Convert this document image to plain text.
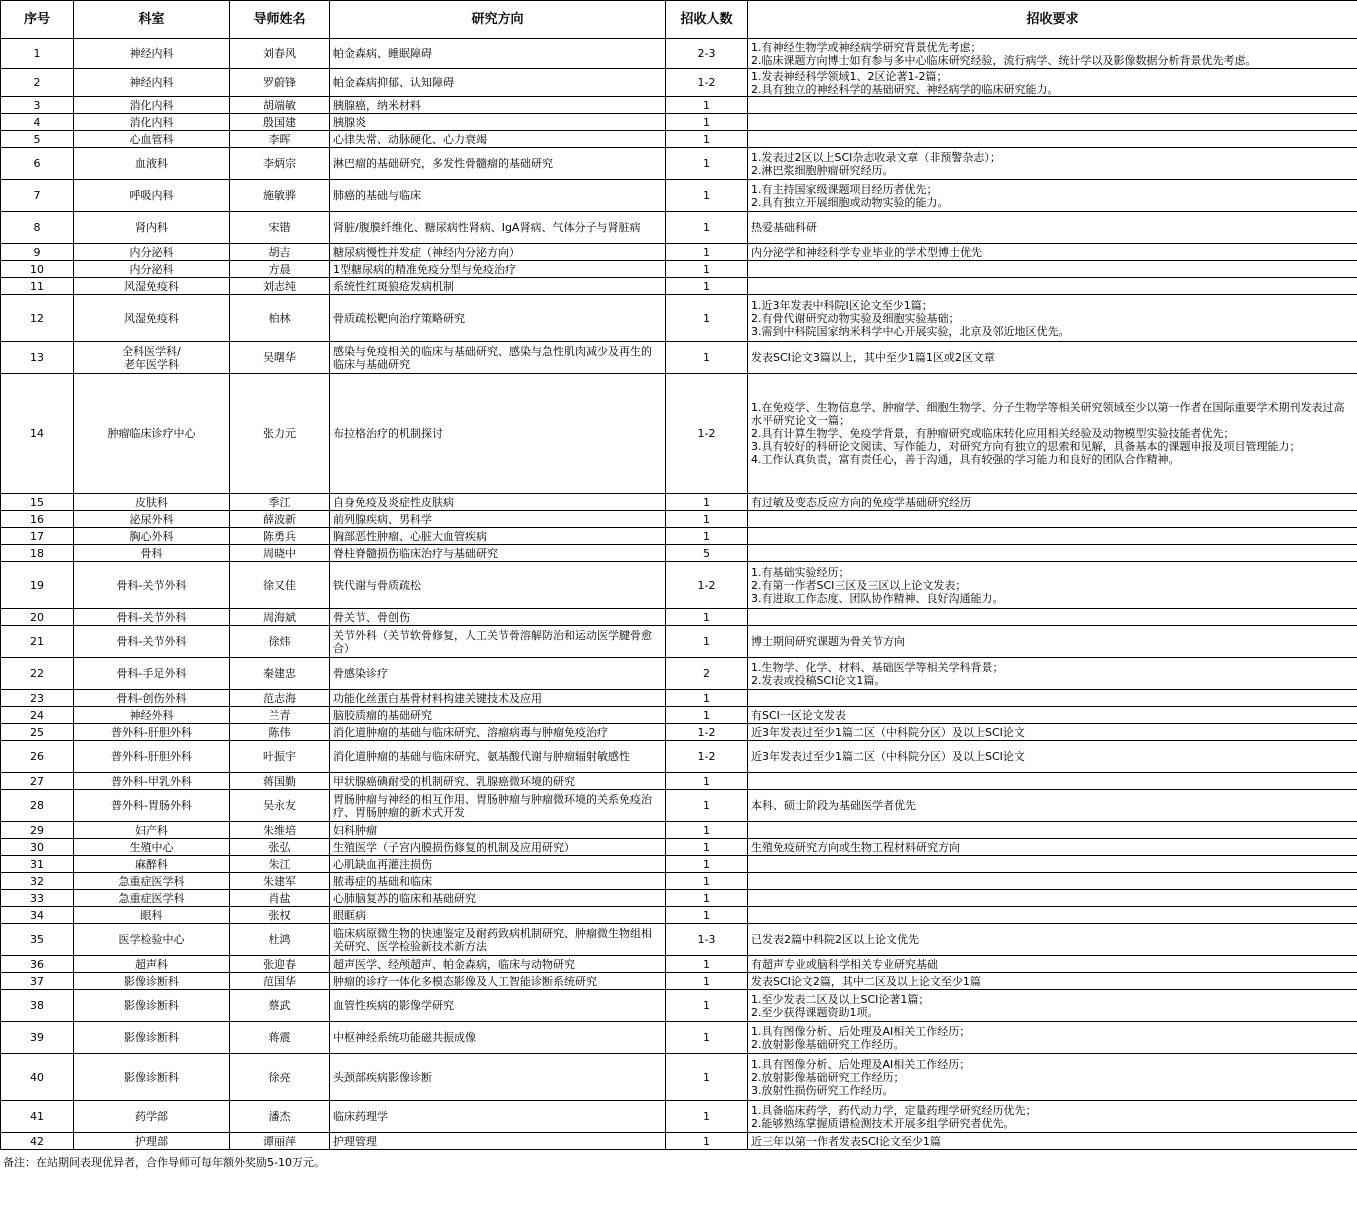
序号	科室	导师姓名	研究方向	招收人数	招收要求
1	神经内科	刘春风	帕金森病、睡眠障碍	2-3	1.有神经生物学或神经病学研究背景优先考虑；
2.临床课题方向博士如有参与多中心临床研究经验，流行病学、统计学以及影像数据分析背景优先考虑。
2	神经内科	罗蔚锋	帕金森病抑郁、认知障碍	1-2	1.发表神经科学领域1、2区论著1-2篇；
2.具有独立的神经科学的基础研究、神经病学的临床研究能力。
3	消化内科	胡端敏	胰腺癌，纳米材料	1	
4	消化内科	殷国建	胰腺炎	1	
5	心血管科	李晖	心律失常、动脉硬化、心力衰竭	1	
6	血液科	李炳宗	淋巴瘤的基础研究，多发性骨髓瘤的基础研究	1	1.发表过2区以上SCI杂志收录文章（非预警杂志）；
2.淋巴浆细胞肿瘤研究经历。
7	呼吸内科	施敏骅	肺癌的基础与临床	1	1.有主持国家级课题项目经历者优先；
2.具有独立开展细胞或动物实验的能力。
8	肾内科	宋锴	肾脏/腹膜纤维化、糖尿病性肾病、IgA肾病、气体分子与肾脏病	1	热爱基础科研
9	内分泌科	胡吉	糖尿病慢性并发症（神经内分泌方向）	1	内分泌学和神经科学专业毕业的学术型博士优先
10	内分泌科	方晨	1型糖尿病的精准免疫分型与免疫治疗	1	
11	风湿免疫科	刘志纯	系统性红斑狼疮发病机制	1	
12	风湿免疫科	柏林	骨质疏松靶向治疗策略研究	1	1.近3年发表中科院I区论文至少1篇；
2.有骨代谢研究动物实验及细胞实验基础；
3.需到中科院国家纳米科学中心开展实验，北京及邻近地区优先。
13	全科医学科/
老年医学科	吴曙华	感染与免疫相关的临床与基础研究、感染与急性肌肉减少及再生的临床与基础研究	1	发表SCI论文3篇以上，其中至少1篇1区或2区文章
14	肿瘤临床诊疗中心	张力元	布拉格治疗的机制探讨	1-2	1.在免疫学、生物信息学、肿瘤学、细胞生物学、分子生物学等相关研究领域至少以第一作者在国际重要学术期刊发表过高水平研究论文一篇；
2.具有计算生物学、免疫学背景，有肿瘤研究或临床转化应用相关经验及动物模型实验技能者优先；
3.具有较好的科研论文阅读、写作能力，对研究方向有独立的思索和见解，具备基本的课题申报及项目管理能力；
4.工作认真负责，富有责任心，善于沟通，具有较强的学习能力和良好的团队合作精神。
15	皮肤科	季江	自身免疫及炎症性皮肤病	1	有过敏及变态反应方向的免疫学基础研究经历
16	泌尿外科	薛波新	前列腺疾病、男科学	1	
17	胸心外科	陈勇兵	胸部恶性肿瘤、心脏大血管疾病	1	
18	骨科	周晓中	脊柱脊髓损伤临床治疗与基础研究	5	
19	骨科-关节外科	徐又佳	铁代谢与骨质疏松	1-2	1.有基础实验经历；
2.有第一作者SCI三区及三区以上论文发表；
3.有进取工作态度、团队协作精神、良好沟通能力。
20	骨科-关节外科	周海斌	骨关节、骨创伤	1	
21	骨科-关节外科	徐炜	关节外科（关节软骨修复，人工关节骨溶解防治和运动医学腱骨愈合）	1	博士期间研究课题为骨关节方向
22	骨科-手足外科	秦建忠	骨感染诊疗	2	1.生物学、化学、材料、基础医学等相关学科背景；
2.发表或投稿SCI论文1篇。
23	骨科-创伤外科	范志海	功能化丝蛋白基骨材料构建关键技术及应用	1	
24	神经外科	兰青	脑胶质瘤的基础研究	1	有SCI一区论文发表
25	普外科-肝胆外科	陈伟	消化道肿瘤的基础与临床研究、溶瘤病毒与肿瘤免疫治疗	1-2	近3年发表过至少1篇二区（中科院分区）及以上SCI论文
26	普外科-肝胆外科	叶振宇	消化道肿瘤的基础与临床研究、氨基酸代谢与肿瘤辐射敏感性	1-2	近3年发表过至少1篇二区（中科院分区）及以上SCI论文
27	普外科-甲乳外科	蒋国勤	甲状腺癌碘耐受的机制研究、乳腺癌微环境的研究	1	
28	普外科-胃肠外科	吴永友	胃肠肿瘤与神经的相互作用、胃肠肿瘤与肿瘤微环境的关系免疫治疗、胃肠肿瘤的新术式开发	1	本科、硕士阶段为基础医学者优先
29	妇产科	朱维培	妇科肿瘤	1	
30	生殖中心	张弘	生殖医学（子宫内膜损伤修复的机制及应用研究）	1	生殖免疫研究方向或生物工程材料研究方向
31	麻醉科	朱江	心肌缺血再灌注损伤	1	
32	急重症医学科	朱建军	脓毒症的基础和临床	1	
33	急重症医学科	肖盐	心肺脑复苏的临床和基础研究	1	
34	眼科	张权	眼眶病	1	
35	医学检验中心	杜鸿	临床病原微生物的快速鉴定及耐药致病机制研究、肿瘤微生物组相关研究、医学检验新技术新方法	1-3	已发表2篇中科院2区以上论文优先
36	超声科	张迎春	超声医学、经颅超声、帕金森病，临床与动物研究	1	有超声专业或脑科学相关专业研究基础
37	影像诊断科	范国华	肿瘤的诊疗一体化多模态影像及人工智能诊断系统研究	1	发表SCI论文2篇，其中二区及以上论文至少1篇
38	影像诊断科	蔡武	血管性疾病的影像学研究	1	1.至少发表二区及以上SCI论著1篇；
2.至少获得课题资助1项。
39	影像诊断科	蒋震	中枢神经系统功能磁共振成像	1	1.具有图像分析、后处理及AI相关工作经历；
2.放射影像基础研究工作经历。
40	影像诊断科	徐亮	头颈部疾病影像诊断	1	1.具有图像分析、后处理及AI相关工作经历；
2.放射影像基础研究工作经历；
3.放射性损伤研究工作经历。
41	药学部	潘杰	临床药理学	1	1.具备临床药学，药代动力学，定量药理学研究经历优先；
2.能够熟练掌握质谱检测技术开展多组学研究者优先。
42	护理部	谭丽萍	护理管理	1	近三年以第一作者发表SCI论文至少1篇
备注：在站期间表现优异者，合作导师可每年额外奖励5-10万元。
